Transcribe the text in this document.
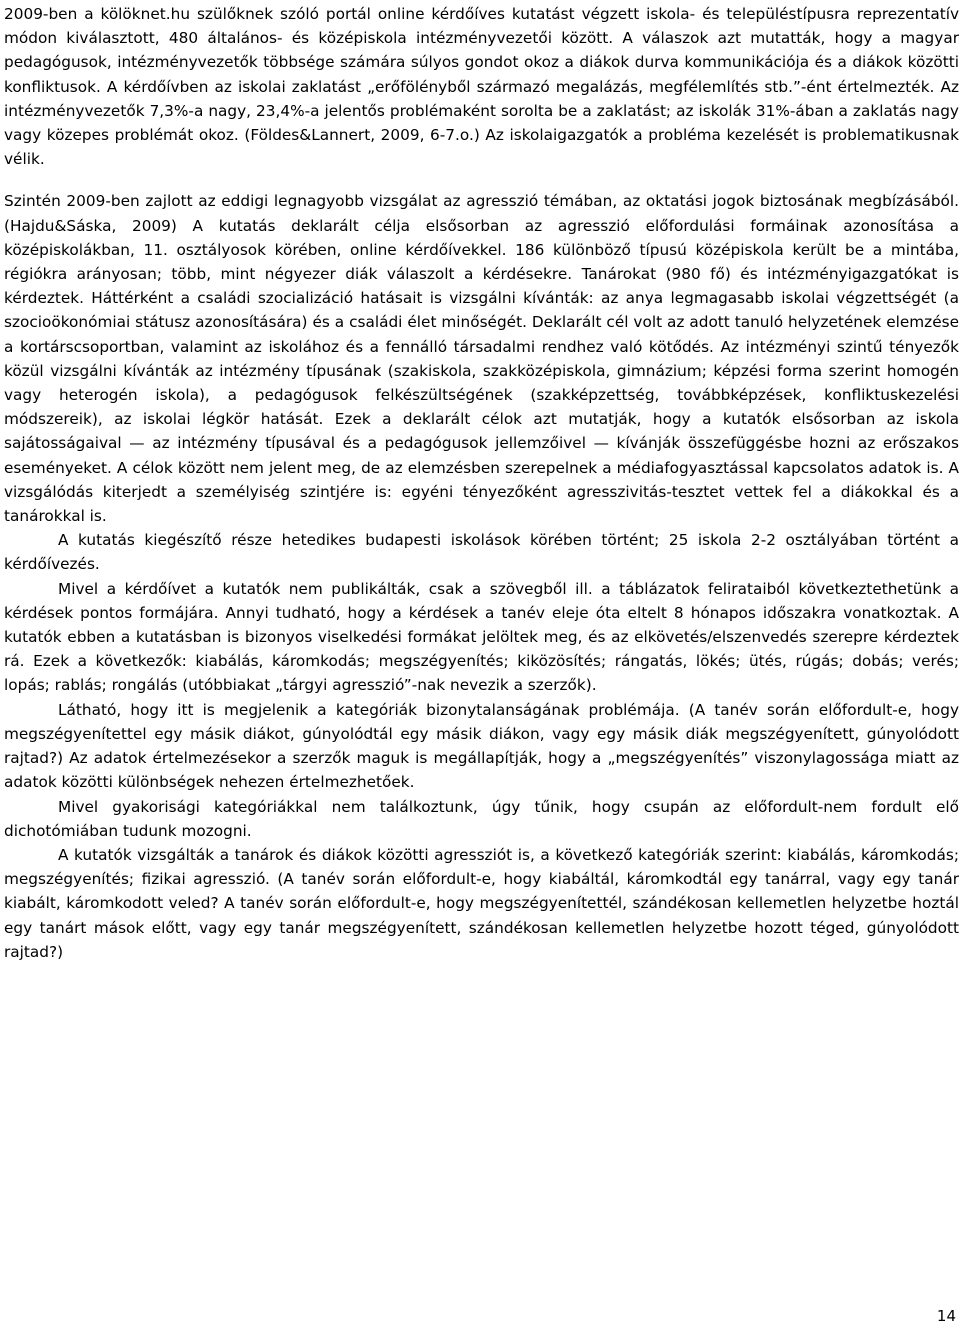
2009-ben a kölöknet.hu szülőknek szóló portál online kérdőíves kutatást végzett iskola- és településtípusra reprezentatív módon kiválasztott, 480 általános- és középiskola intézményvezetői között. A válaszok azt mutatták, hogy a magyar pedagógusok, intézményvezetők többsége számára súlyos gondot okoz a diákok durva kommunikációja és a diákok közötti konfliktusok. A kérdőívben az iskolai zaklatást „erőfölényből származó megalázás, megfélemlítés stb.”-ént értelmezték. Az intézményvezetők 7,3%-a nagy, 23,4%-a jelentős problémaként sorolta be a zaklatást; az iskolák 31%-ában a zaklatás nagy vagy közepes problémát okoz. (Földes&Lannert, 2009, 6-7.o.) Az iskolaigazgatók a probléma kezelését is problematikusnak vélik.

Szintén 2009-ben zajlott az eddigi legnagyobb vizsgálat az agresszió témában, az oktatási jogok biztosának megbízásából. (Hajdu&Sáska, 2009) A kutatás deklarált célja elsősorban az agresszió előfordulási formáinak azonosítása a középiskolákban, 11. osztályosok körében, online kérdőívekkel. 186 különböző típusú középiskola került be a mintába, régiókra arányosan; több, mint négyezer diák válaszolt a kérdésekre. Tanárokat (980 fő) és intézményigazgatókat is kérdeztek. Háttérként a családi szocializáció hatásait is vizsgálni kívánták: az anya legmagasabb iskolai végzettségét (a szocioökonómiai státusz azonosítására) és a családi élet minőségét. Deklarált cél volt az adott tanuló helyzetének elemzése a kortárscsoportban, valamint az iskolához és a fennálló társadalmi rendhez való kötődés. Az intézményi szintű tényezők közül vizsgálni kívánták az intézmény típusának (szakiskola, szakközépiskola, gimnázium; képzési forma szerint homogén vagy heterogén iskola), a pedagógusok felkészültségének (szakképzettség, továbbképzések, konfliktuskezelési módszereik), az iskolai légkör hatását. Ezek a deklarált célok azt mutatják, hogy a kutatók elsősorban az iskola sajátosságaival — az intézmény típusával és a pedagógusok jellemzőivel — kívánják összefüggésbe hozni az erőszakos eseményeket. A célok között nem jelent meg, de az elemzésben szerepelnek a médiafogyasztással kapcsolatos adatok is. A vizsgálódás kiterjedt a személyiség szintjére is: egyéni tényezőként agresszivitás-tesztet vettek fel a diákokkal és a tanárokkal is.

A kutatás kiegészítő része hetedikes budapesti iskolások körében történt; 25 iskola 2-2 osztályában történt a kérdőívezés.

Mivel a kérdőívet a kutatók nem publikálták, csak a szövegből ill. a táblázatok felirataiból következtethetünk a kérdések pontos formájára. Annyi tudható, hogy a kérdések a tanév eleje óta eltelt 8 hónapos időszakra vonatkoztak. A kutatók ebben a kutatásban is bizonyos viselkedési formákat jelöltek meg, és az elkövetés/elszenvedés szerepre kérdeztek rá. Ezek a következők: kiabálás, káromkodás; megszégyenítés; kiközösítés; rángatás, lökés; ütés, rúgás; dobás; verés; lopás; rablás; rongálás (utóbbiakat „tárgyi agresszió”-nak nevezik a szerzők).

Látható, hogy itt is megjelenik a kategóriák bizonytalanságának problémája. (A tanév során előfordult-e, hogy megszégyenítettel egy másik diákot, gúnyolódtál egy másik diákon, vagy egy másik diák megszégyenített, gúnyolódott rajtad?) Az adatok értelmezésekor a szerzők maguk is megállapítják, hogy a „megszégyenítés” viszonylagossága miatt az adatok közötti különbségek nehezen értelmezhetőek.

Mivel gyakorisági kategóriákkal nem találkoztunk, úgy tűnik, hogy csupán az előfordult-nem fordult elő dichotómiában tudunk mozogni.

A kutatók vizsgálták a tanárok és diákok közötti agressziót is, a következő kategóriák szerint: kiabálás, káromkodás; megszégyenítés; fizikai agresszió. (A tanév során előfordult-e, hogy kiabáltál, káromkodtál egy tanárral, vagy egy tanár kiabált, káromkodott veled? A tanév során előfordult-e, hogy megszégyenítettél, szándékosan kellemetlen helyzetbe hoztál egy tanárt mások előtt, vagy egy tanár megszégyenített, szándékosan kellemetlen helyzetbe hozott téged, gúnyolódott rajtad?)

14
